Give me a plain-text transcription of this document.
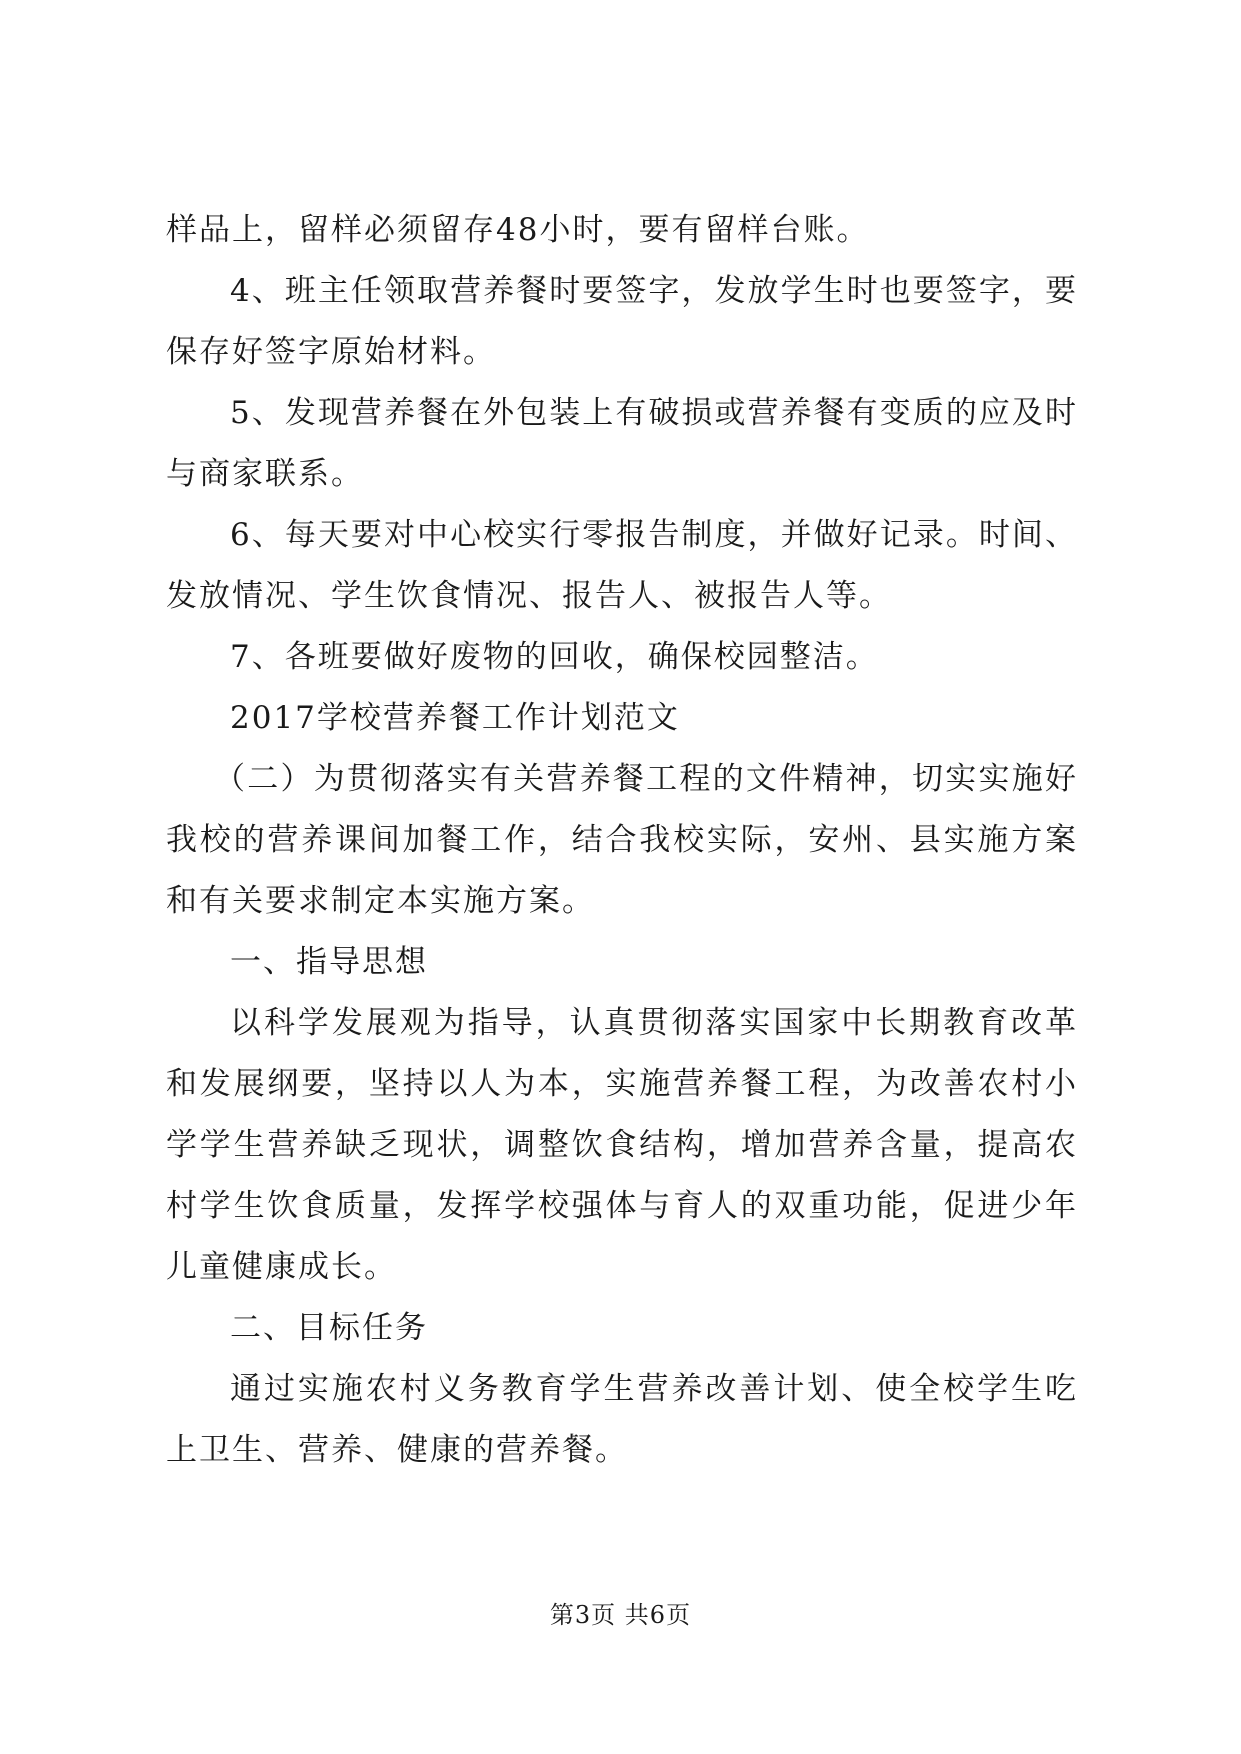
样品上，留样必须留存48小时，要有留样台账。

4、班主任领取营养餐时要签字，发放学生时也要签字，要保存好签字原始材料。

5、发现营养餐在外包装上有破损或营养餐有变质的应及时与商家联系。

6、每天要对中心校实行零报告制度，并做好记录。时间、发放情况、学生饮食情况、报告人、被报告人等。

7、各班要做好废物的回收，确保校园整洁。

2017学校营养餐工作计划范文

（二）为贯彻落实有关营养餐工程的文件精神，切实实施好我校的营养课间加餐工作，结合我校实际，安州、县实施方案和有关要求制定本实施方案。

一、指导思想

以科学发展观为指导，认真贯彻落实国家中长期教育改革和发展纲要，坚持以人为本，实施营养餐工程，为改善农村小学学生营养缺乏现状，调整饮食结构，增加营养含量，提高农村学生饮食质量，发挥学校强体与育人的双重功能，促进少年儿童健康成长。

二、目标任务

通过实施农村义务教育学生营养改善计划、使全校学生吃上卫生、营养、健康的营养餐。

第3页 共6页
